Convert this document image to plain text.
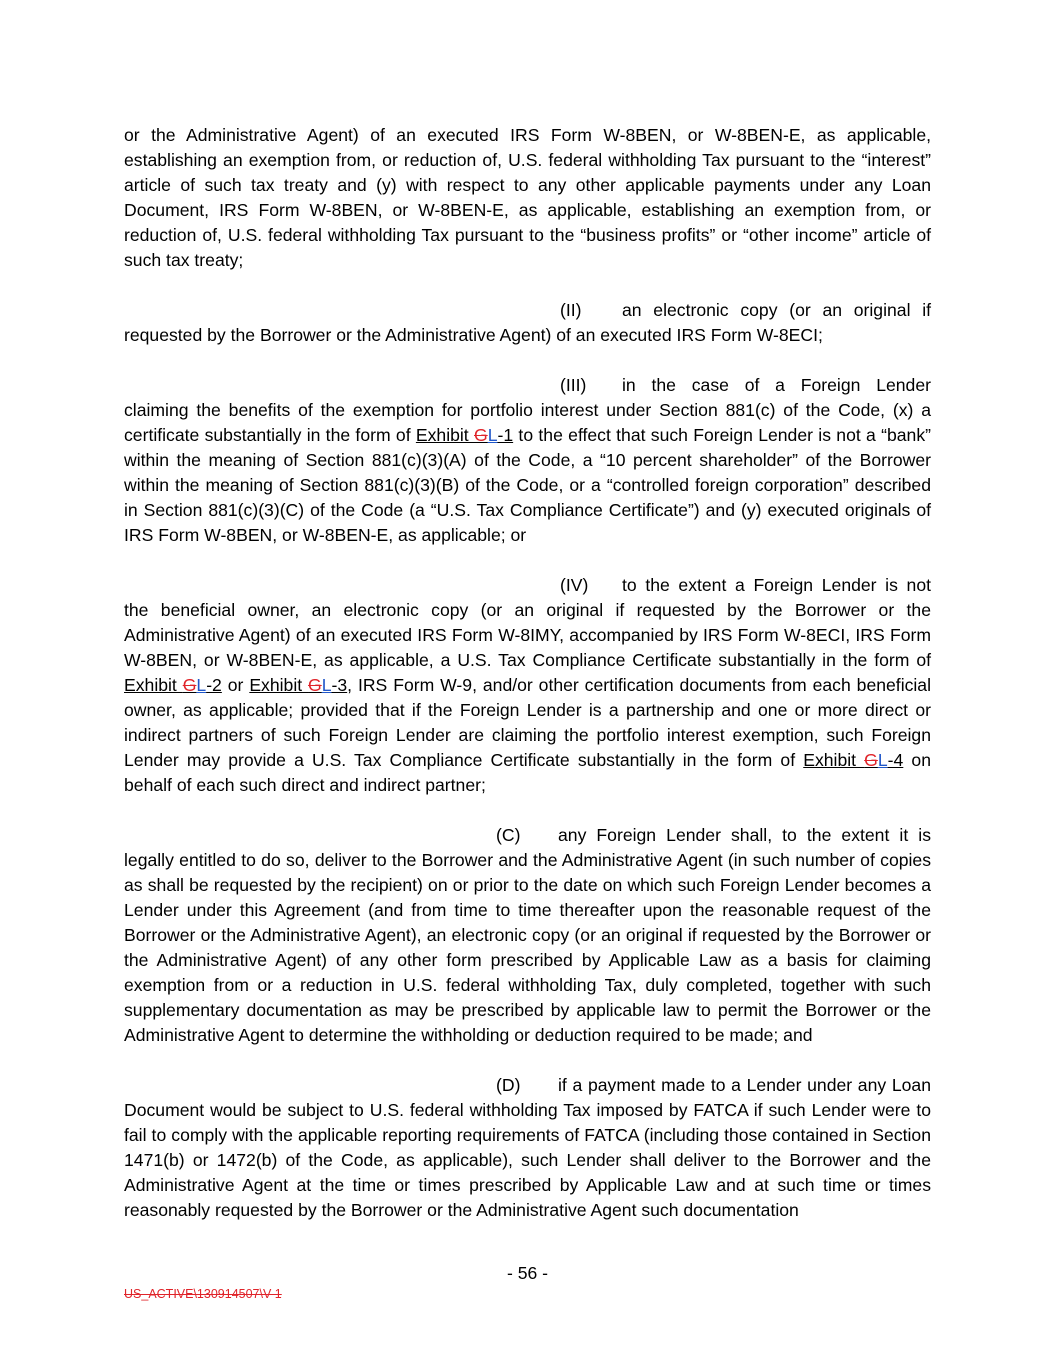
or the Administrative Agent) of an executed IRS Form W-8BEN, or W-8BEN-E, as applicable, establishing an exemption from, or reduction of, U.S. federal withholding Tax pursuant to the “interest” article of such tax treaty and (y) with respect to any other applicable payments under any Loan Document, IRS Form W-8BEN, or W-8BEN-E, as applicable, establishing an exemption from, or reduction of, U.S. federal withholding Tax pursuant to the “business profits” or “other income” article of such tax treaty;

(II) an electronic copy (or an original if requested by the Borrower or the Administrative Agent) of an executed IRS Form W-8ECI;

(III) in the case of a Foreign Lender claiming the benefits of the exemption for portfolio interest under Section 881(c) of the Code, (x) a certificate substantially in the form of Exhibit GL-1 to the effect that such Foreign Lender is not a “bank” within the meaning of Section 881(c)(3)(A) of the Code, a “10 percent shareholder” of the Borrower within the meaning of Section 881(c)(3)(B) of the Code, or a “controlled foreign corporation” described in Section 881(c)(3)(C) of the Code (a “U.S. Tax Compliance Certificate”) and (y) executed originals of IRS Form W-8BEN, or W-8BEN-E, as applicable; or

(IV) to the extent a Foreign Lender is not the beneficial owner, an electronic copy (or an original if requested by the Borrower or the Administrative Agent) of an executed IRS Form W-8IMY, accompanied by IRS Form W-8ECI, IRS Form W-8BEN, or W-8BEN-E, as applicable, a U.S. Tax Compliance Certificate substantially in the form of Exhibit GL-2 or Exhibit GL-3, IRS Form W-9, and/or other certification documents from each beneficial owner, as applicable; provided that if the Foreign Lender is a partnership and one or more direct or indirect partners of such Foreign Lender are claiming the portfolio interest exemption, such Foreign Lender may provide a U.S. Tax Compliance Certificate substantially in the form of Exhibit GL-4 on behalf of each such direct and indirect partner;

(C) any Foreign Lender shall, to the extent it is legally entitled to do so, deliver to the Borrower and the Administrative Agent (in such number of copies as shall be requested by the recipient) on or prior to the date on which such Foreign Lender becomes a Lender under this Agreement (and from time to time thereafter upon the reasonable request of the Borrower or the Administrative Agent), an electronic copy (or an original if requested by the Borrower or the Administrative Agent) of any other form prescribed by Applicable Law as a basis for claiming exemption from or a reduction in U.S. federal withholding Tax, duly completed, together with such supplementary documentation as may be prescribed by applicable law to permit the Borrower or the Administrative Agent to determine the withholding or deduction required to be made; and

(D) if a payment made to a Lender under any Loan Document would be subject to U.S. federal withholding Tax imposed by FATCA if such Lender were to fail to comply with the applicable reporting requirements of FATCA (including those contained in Section 1471(b) or 1472(b) of the Code, as applicable), such Lender shall deliver to the Borrower and the Administrative Agent at the time or times prescribed by Applicable Law and at such time or times reasonably requested by the Borrower or the Administrative Agent such documentation

- 56 -
US_ACTIVE\130914507\V-1
